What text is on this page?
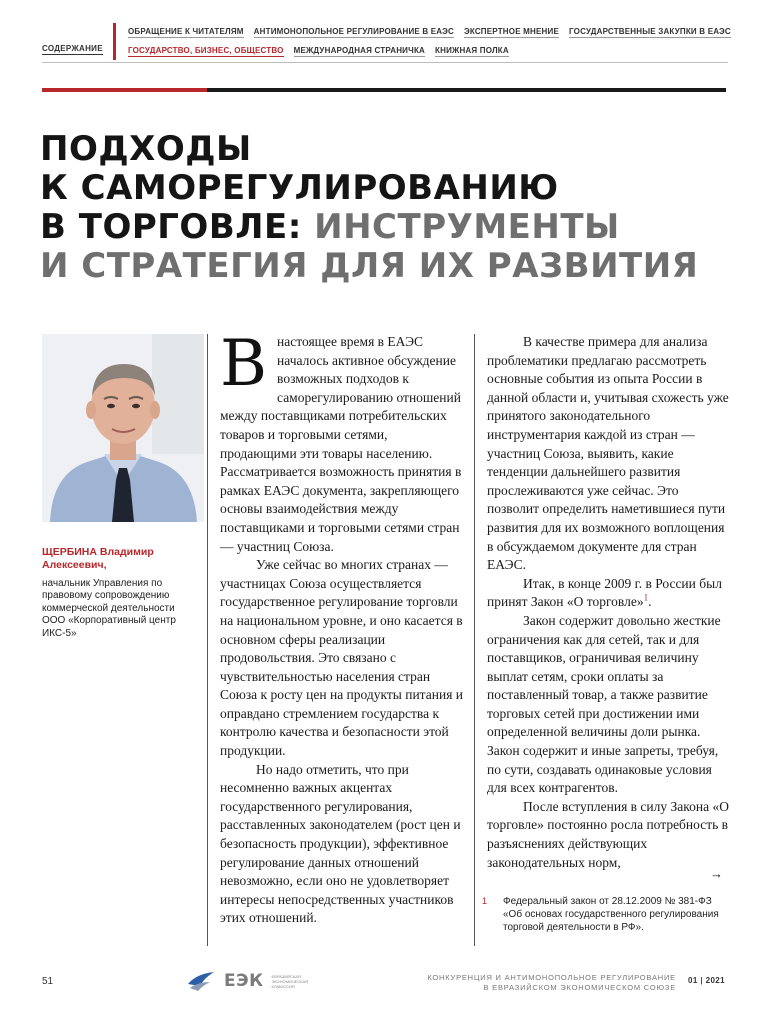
СОДЕРЖАНИЕ
ОБРАЩЕНИЕ К ЧИТАТЕЛЯМ АНТИМОНОПОЛЬНОЕ РЕГУЛИРОВАНИЕ В ЕАЭС ЭКСПЕРТНОЕ МНЕНИЕ ГОСУДАРСТВЕННЫЕ ЗАКУПКИ В ЕАЭС
ГОСУДАРСТВО, БИЗНЕС, ОБЩЕСТВО МЕЖДУНАРОДНАЯ СТРАНИЧКА КНИЖНАЯ ПОЛКА
ПОДХОДЫ
К САМОРЕГУЛИРОВАНИЮ
В ТОРГОВЛЕ: ИНСТРУМЕНТЫ
И СТРАТЕГИЯ ДЛЯ ИХ РАЗВИТИЯ
ЩЕРБИНА Владимир Алексеевич,
начальник Управления по правовому сопровождению коммерческой деятельности ООО «Корпоративный центр ИКС-5»

Внастоящее время в ЕАЭС началось активное обсуждение возможных подходов к саморегулированию отношений между поставщиками потребительских товаров и торговыми сетями, продающими эти товары населению. Рассматривается возможность принятия в рамках ЕАЭС документа, закрепляющего основы взаимодействия между поставщиками и торговыми сетями стран — участниц Союза.

Уже сейчас во многих странах — участницах Союза осуществляется государственное регулирование торговли на национальном уровне, и оно касается в основном сферы реализации продовольствия. Это связано с чувствительностью населения стран Союза к росту цен на продукты питания и оправдано стремлением государства к контролю качества и безопасности этой продукции.

Но надо отметить, что при несомненно важных акцентах государственного регулирования, расставленных законодателем (рост цен и безопасность продукции), эффективное регулирование данных отношений невозможно, если оно не удовлетворяет интересы непосредственных участников этих отношений.

В качестве примера для анализа проблематики предлагаю рассмотреть основные события из опыта России в данной области и, учитывая схожесть уже принятого законодательного инструментария каждой из стран — участниц Союза, выявить, какие тенденции дальнейшего развития прослеживаются уже сейчас. Это позволит определить наметившиеся пути развития для их возможного воплощения в обсуждаемом документе для стран ЕАЭС.

Итак, в конце 2009 г. в России был принят Закон «О торговле»$^1$.

Закон содержит довольно жесткие ограничения как для сетей, так и для поставщиков, ограничивая величину выплат сетям, сроки оплаты за поставленный товар, а также развитие торговых сетей при достижении ими определенной величины доли рынка. Закон содержит и иные запреты, требуя, по сути, создавать одинаковые условия для всех контрагентов.

После вступления в силу Закона «О торговле» постоянно росла потребность в разъяснениях действующих законодательных норм,

→
1 Федеральный закон от 28.12.2009 № 381-ФЗ «Об основах государственного регулирования торговой деятельности в РФ».
51	ЕЭК ЕВРАЗИЙСКАЯ ЭКОНОМИЧЕСКАЯ КОМИССИЯ
КОНКУРЕНЦИЯ И АНТИМОНОПОЛЬНОЕ РЕГУЛИРОВАНИЕ
В ЕВРАЗИЙСКОМ ЭКОНОМИЧЕСКОМ СОЮЗЕ
01 | 2021
